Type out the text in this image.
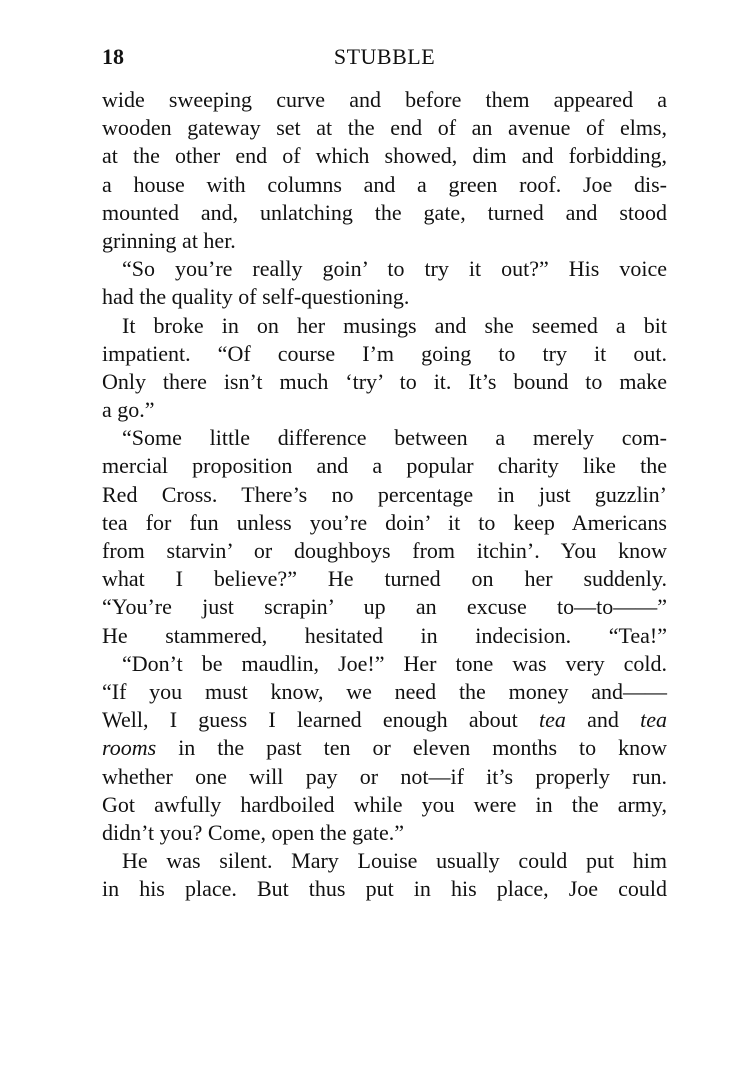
18	STUBBLE
wide sweeping curve and before them appeared a
wooden gateway set at the end of an avenue of elms,
at the other end of which showed, dim and forbidding,
a house with columns and a green roof. Joe dis-
mounted and, unlatching the gate, turned and stood
grinning at her.
“So you’re really goin’ to try it out?” His voice
had the quality of self-questioning.
It broke in on her musings and she seemed a bit
impatient. “Of course I’m going to try it out.
Only there isn’t much ‘try’ to it. It’s bound to make
a go.”
“Some little difference between a merely com-
mercial proposition and a popular charity like the
Red Cross. There’s no percentage in just guzzlin’
tea for fun unless you’re doin’ it to keep Americans
from starvin’ or doughboys from itchin’. You know
what I believe?” He turned on her suddenly.
“You’re just scrapin’ up an excuse to—to——”
He stammered, hesitated in indecision. “Tea!”
“Don’t be maudlin, Joe!” Her tone was very cold.
“If you must know, we need the money and——
Well, I guess I learned enough about tea and tea
rooms in the past ten or eleven months to know
whether one will pay or not—if it’s properly run.
Got awfully hardboiled while you were in the army,
didn’t you? Come, open the gate.”
He was silent. Mary Louise usually could put him
in his place. But thus put in his place, Joe could
